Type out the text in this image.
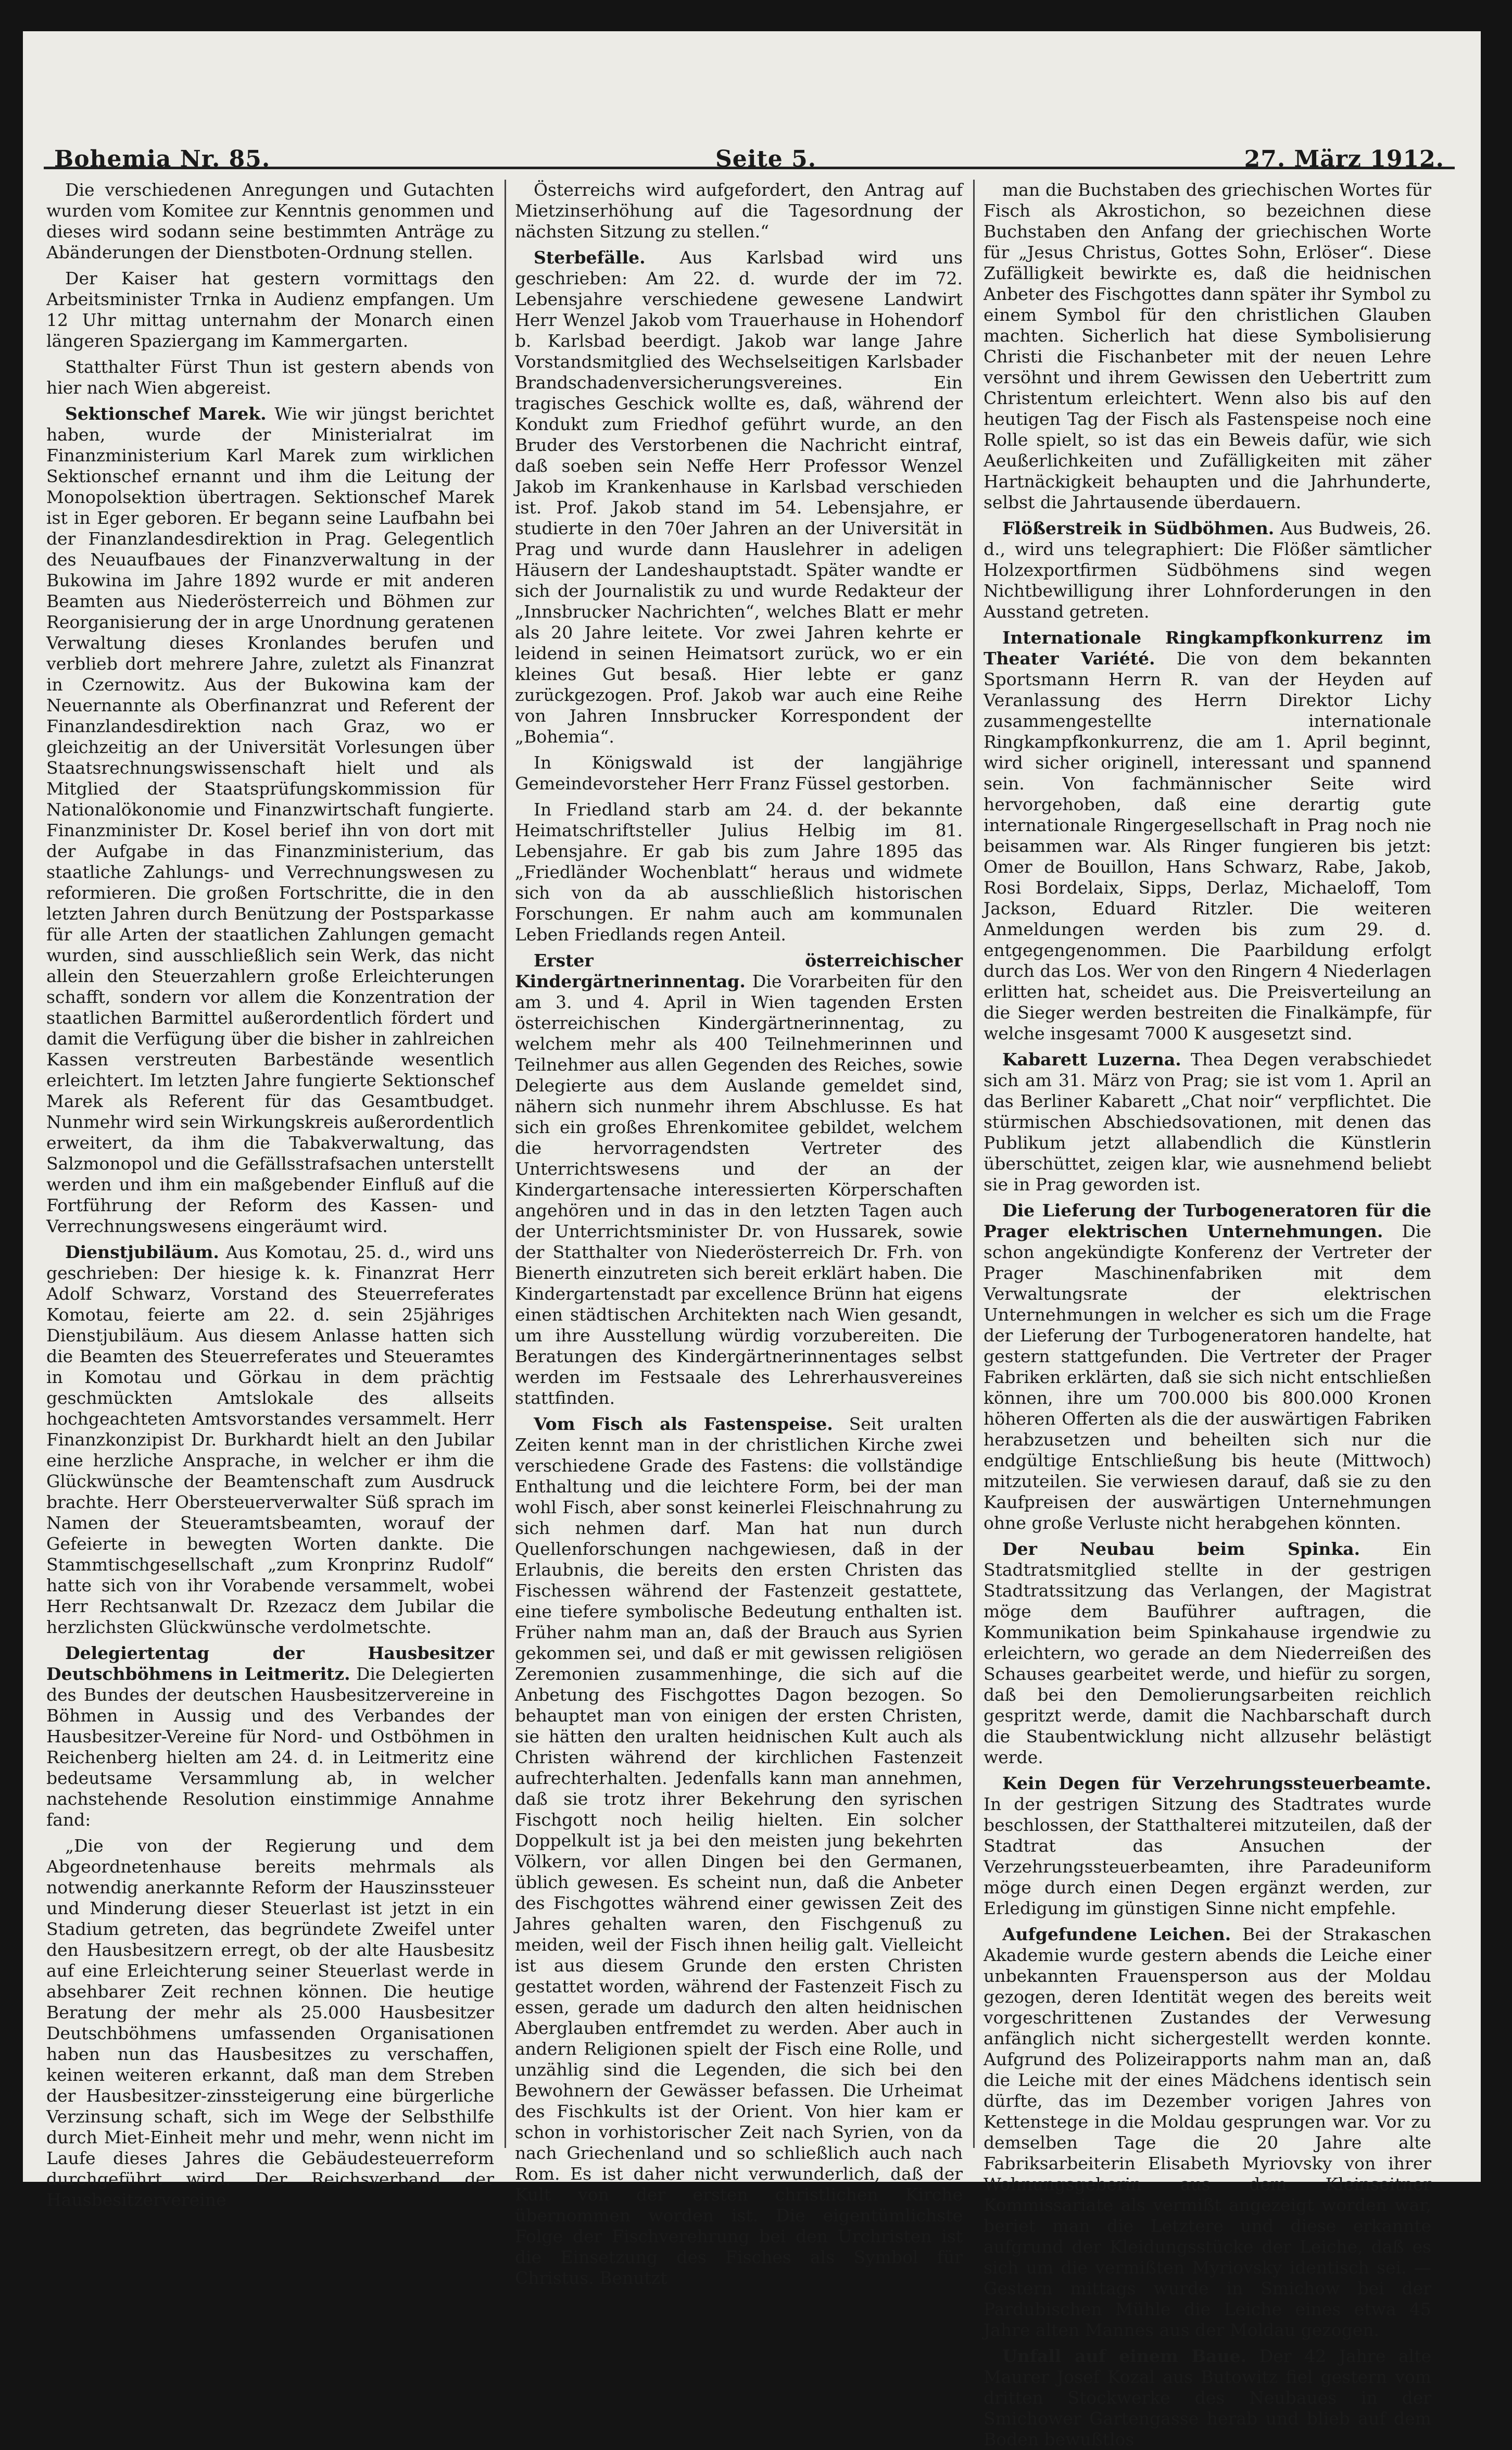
Bohemia Nr. 85.	Seite 5.	27. März 1912.

Die verschiedenen Anregungen und Gutachten wurden vom Komitee zur Kenntnis genommen und dieses wird sodann seine bestimmten Anträge zu Abänderungen der Dienstboten-Ordnung stellen.

Der Kaiser hat gestern vormittags den Arbeitsminister Trnka in Audienz empfangen. Um 12 Uhr mittag unternahm der Monarch einen längeren Spaziergang im Kammergarten.

Statthalter Fürst Thun ist gestern abends von hier nach Wien abgereist.

Sektionschef Marek. Wie wir jüngst berichtet haben, wurde der Ministerialrat im Finanzministerium Karl Marek zum wirklichen Sektionschef ernannt und ihm die Leitung der Monopolsektion übertragen. Sektionschef Marek ist in Eger geboren. Er begann seine Laufbahn bei der Finanzlandesdirektion in Prag. Gelegentlich des Neuaufbaues der Finanzverwaltung in der Bukowina im Jahre 1892 wurde er mit anderen Beamten aus Niederösterreich und Böhmen zur Reorganisierung der in arge Unordnung geratenen Verwaltung dieses Kronlandes berufen und verblieb dort mehrere Jahre, zuletzt als Finanzrat in Czernowitz. Aus der Bukowina kam der Neuernannte als Oberfinanzrat und Referent der Finanzlandesdirektion nach Graz, wo er gleichzeitig an der Universität Vorlesungen über Staatsrechnungswissenschaft hielt und als Mitglied der Staatsprüfungskommission für Nationalökonomie und Finanzwirtschaft fungierte. Finanzminister Dr. Kosel berief ihn von dort mit der Aufgabe in das Finanzministerium, das staatliche Zahlungs- und Verrechnungswesen zu reformieren. Die großen Fortschritte, die in den letzten Jahren durch Benützung der Postsparkasse für alle Arten der staatlichen Zahlungen gemacht wurden, sind ausschließlich sein Werk, das nicht allein den Steuerzahlern große Erleichterungen schafft, sondern vor allem die Konzentration der staatlichen Barmittel außerordentlich fördert und damit die Verfügung über die bisher in zahlreichen Kassen verstreuten Barbestände wesentlich erleichtert. Im letzten Jahre fungierte Sektionschef Marek als Referent für das Gesamtbudget. Nunmehr wird sein Wirkungskreis außerordentlich erweitert, da ihm die Tabakverwaltung, das Salzmonopol und die Gefällsstrafsachen unterstellt werden und ihm ein maßgebender Einfluß auf die Fortführung der Reform des Kassen- und Verrechnungswesens eingeräumt wird.

Dienstjubiläum. Aus Komotau, 25. d., wird uns geschrieben: Der hiesige k. k. Finanzrat Herr Adolf Schwarz, Vorstand des Steuerreferates Komotau, feierte am 22. d. sein 25jähriges Dienstjubiläum. Aus diesem Anlasse hatten sich die Beamten des Steuerreferates und Steueramtes in Komotau und Görkau in dem prächtig geschmückten Amtslokale des allseits hochgeachteten Amtsvorstandes versammelt. Herr Finanzkonzipist Dr. Burkhardt hielt an den Jubilar eine herzliche Ansprache, in welcher er ihm die Glückwünsche der Beamtenschaft zum Ausdruck brachte. Herr Obersteuerverwalter Süß sprach im Namen der Steueramtsbeamten, worauf der Gefeierte in bewegten Worten dankte. Die Stammtischgesellschaft „zum Kronprinz Rudolf“ hatte sich von ihr Vorabende versammelt, wobei Herr Rechtsanwalt Dr. Rzezacz dem Jubilar die herzlichsten Glückwünsche verdolmetschte.

Delegiertentag der Hausbesitzer Deutschböhmens in Leitmeritz. Die Delegierten des Bundes der deutschen Hausbesitzervereine in Böhmen in Aussig und des Verbandes der Hausbesitzer-Vereine für Nord- und Ostböhmen in Reichenberg hielten am 24. d. in Leitmeritz eine bedeutsame Versammlung ab, in welcher nachstehende Resolution einstimmige Annahme fand:

„Die von der Regierung und dem Abgeordnetenhause bereits mehrmals als notwendig anerkannte Reform der Hauszinssteuer und Minderung dieser Steuerlast ist jetzt in ein Stadium getreten, das begründete Zweifel unter den Hausbesitzern erregt, ob der alte Hausbesitz auf eine Erleichterung seiner Steuerlast werde in absehbarer Zeit rechnen können. Die heutige Beratung der mehr als 25.000 Hausbesitzer Deutschböhmens umfassenden Organisationen haben nun das Hausbesitzes zu verschaffen, keinen weiteren erkannt, daß man dem Streben der Hausbesitzer-zinssteigerung eine bürgerliche Verzinsung schaft, sich im Wege der Selbsthilfe durch Miet-Einheit mehr und mehr, wenn nicht im Laufe dieses Jahres die Gebäudesteuerreform durchgeführt wird. Der Reichsverband der Hausbesitzervereine

Österreichs wird aufgefordert, den Antrag auf Mietzinserhöhung auf die Tagesordnung der nächsten Sitzung zu stellen.“

Sterbefälle. Aus Karlsbad wird uns geschrieben: Am 22. d. wurde der im 72. Lebensjahre verschiedene gewesene Landwirt Herr Wenzel Jakob vom Trauerhause in Hohendorf b. Karlsbad beerdigt. Jakob war lange Jahre Vorstandsmitglied des Wechselseitigen Karlsbader Brandschadenversicherungsvereines. Ein tragisches Geschick wollte es, daß, während der Kondukt zum Friedhof geführt wurde, an den Bruder des Verstorbenen die Nachricht eintraf, daß soeben sein Neffe Herr Professor Wenzel Jakob im Krankenhause in Karlsbad verschieden ist. Prof. Jakob stand im 54. Lebensjahre, er studierte in den 70er Jahren an der Universität in Prag und wurde dann Hauslehrer in adeligen Häusern der Landeshauptstadt. Später wandte er sich der Journalistik zu und wurde Redakteur der „Innsbrucker Nachrichten“, welches Blatt er mehr als 20 Jahre leitete. Vor zwei Jahren kehrte er leidend in seinen Heimatsort zurück, wo er ein kleines Gut besaß. Hier lebte er ganz zurückgezogen. Prof. Jakob war auch eine Reihe von Jahren Innsbrucker Korrespondent der „Bohemia“.

In Königswald ist der langjährige Gemeindevorsteher Herr Franz Füssel gestorben.

In Friedland starb am 24. d. der bekannte Heimatschriftsteller Julius Helbig im 81. Lebensjahre. Er gab bis zum Jahre 1895 das „Friedländer Wochenblatt“ heraus und widmete sich von da ab ausschließlich historischen Forschungen. Er nahm auch am kommunalen Leben Friedlands regen Anteil.

Erster österreichischer Kindergärtnerinnentag. Die Vorarbeiten für den am 3. und 4. April in Wien tagenden Ersten österreichischen Kindergärtnerinnentag, zu welchem mehr als 400 Teilnehmerinnen und Teilnehmer aus allen Gegenden des Reiches, sowie Delegierte aus dem Auslande gemeldet sind, nähern sich nunmehr ihrem Abschlusse. Es hat sich ein großes Ehrenkomitee gebildet, welchem die hervorragendsten Vertreter des Unterrichtswesens und der an der Kindergartensache interessierten Körperschaften angehören und in das in den letzten Tagen auch der Unterrichtsminister Dr. von Hussarek, sowie der Statthalter von Niederösterreich Dr. Frh. von Bienerth einzutreten sich bereit erklärt haben. Die Kindergartenstadt par excellence Brünn hat eigens einen städtischen Architekten nach Wien gesandt, um ihre Ausstellung würdig vorzubereiten. Die Beratungen des Kindergärtnerinnentages selbst werden im Festsaale des Lehrerhausvereines stattfinden.

Vom Fisch als Fastenspeise. Seit uralten Zeiten kennt man in der christlichen Kirche zwei verschiedene Grade des Fastens: die vollständige Enthaltung und die leichtere Form, bei der man wohl Fisch, aber sonst keinerlei Fleischnahrung zu sich nehmen darf. Man hat nun durch Quellenforschungen nachgewiesen, daß in der Erlaubnis, die bereits den ersten Christen das Fischessen während der Fastenzeit gestattete, eine tiefere symbolische Bedeutung enthalten ist. Früher nahm man an, daß der Brauch aus Syrien gekommen sei, und daß er mit gewissen religiösen Zeremonien zusammenhinge, die sich auf die Anbetung des Fischgottes Dagon bezogen. So behauptet man von einigen der ersten Christen, sie hätten den uralten heidnischen Kult auch als Christen während der kirchlichen Fastenzeit aufrechterhalten. Jedenfalls kann man annehmen, daß sie trotz ihrer Bekehrung den syrischen Fischgott noch heilig hielten. Ein solcher Doppelkult ist ja bei den meisten jung bekehrten Völkern, vor allen Dingen bei den Germanen, üblich gewesen. Es scheint nun, daß die Anbeter des Fischgottes während einer gewissen Zeit des Jahres gehalten waren, den Fischgenuß zu meiden, weil der Fisch ihnen heilig galt. Vielleicht ist aus diesem Grunde den ersten Christen gestattet worden, während der Fastenzeit Fisch zu essen, gerade um dadurch den alten heidnischen Aberglauben entfremdet zu werden. Aber auch in andern Religionen spielt der Fisch eine Rolle, und unzählig sind die Legenden, die sich bei den Bewohnern der Gewässer befassen. Die Urheimat des Fischkults ist der Orient. Von hier kam er schon in vorhistorischer Zeit nach Syrien, von da nach Griechenland und so schließlich auch nach Rom. Es ist daher nicht verwunderlich, daß der Kult von der ersten christlichen Kirche übernommen worden ist. Die eigentümlichste Folge der Fischverehrung bei den Urchristen ist die Einsetzung des Fisches als Symbol für Christus. Benutzt

man die Buchstaben des griechischen Wortes für Fisch als Akrostichon, so bezeichnen diese Buchstaben den Anfang der griechischen Worte für „Jesus Christus, Gottes Sohn, Erlöser“. Diese Zufälligkeit bewirkte es, daß die heidnischen Anbeter des Fischgottes dann später ihr Symbol zu einem Symbol für den christlichen Glauben machten. Sicherlich hat diese Symbolisierung Christi die Fischanbeter mit der neuen Lehre versöhnt und ihrem Gewissen den Uebertritt zum Christentum erleichtert. Wenn also bis auf den heutigen Tag der Fisch als Fastenspeise noch eine Rolle spielt, so ist das ein Beweis dafür, wie sich Aeußerlichkeiten und Zufälligkeiten mit zäher Hartnäckigkeit behaupten und die Jahrhunderte, selbst die Jahrtausende überdauern.

Flößerstreik in Südböhmen. Aus Budweis, 26. d., wird uns telegraphiert: Die Flößer sämtlicher Holzexportfirmen Südböhmens sind wegen Nichtbewilligung ihrer Lohnforderungen in den Ausstand getreten.

Internationale Ringkampfkonkurrenz im Theater Variété. Die von dem bekannten Sportsmann Herrn R. van der Heyden auf Veranlassung des Herrn Direktor Lichy zusammengestellte internationale Ringkampfkonkurrenz, die am 1. April beginnt, wird sicher originell, interessant und spannend sein. Von fachmännischer Seite wird hervorgehoben, daß eine derartig gute internationale Ringergesellschaft in Prag noch nie beisammen war. Als Ringer fungieren bis jetzt: Omer de Bouillon, Hans Schwarz, Rabe, Jakob, Rosi Bordelaix, Sipps, Derlaz, Michaeloff, Tom Jackson, Eduard Ritzler. Die weiteren Anmeldungen werden bis zum 29. d. entgegengenommen. Die Paarbildung erfolgt durch das Los. Wer von den Ringern 4 Niederlagen erlitten hat, scheidet aus. Die Preisverteilung an die Sieger werden bestreiten die Finalkämpfe, für welche insgesamt 7000 K ausgesetzt sind.

Kabarett Luzerna. Thea Degen verabschiedet sich am 31. März von Prag; sie ist vom 1. April an das Berliner Kabarett „Chat noir“ verpflichtet. Die stürmischen Abschiedsovationen, mit denen das Publikum jetzt allabendlich die Künstlerin überschüttet, zeigen klar, wie ausnehmend beliebt sie in Prag geworden ist.

Die Lieferung der Turbogeneratoren für die Prager elektrischen Unternehmungen. Die schon angekündigte Konferenz der Vertreter der Prager Maschinenfabriken mit dem Verwaltungsrate der elektrischen Unternehmungen in welcher es sich um die Frage der Lieferung der Turbogeneratoren handelte, hat gestern stattgefunden. Die Vertreter der Prager Fabriken erklärten, daß sie sich nicht entschließen können, ihre um 700.000 bis 800.000 Kronen höheren Offerten als die der auswärtigen Fabriken herabzusetzen und beheilten sich nur die endgültige Entschließung bis heute (Mittwoch) mitzuteilen. Sie verwiesen darauf, daß sie zu den Kaufpreisen der auswärtigen Unternehmungen ohne große Verluste nicht herabgehen könnten.

Der Neubau beim Spinka. Ein Stadtratsmitglied stellte in der gestrigen Stadtratssitzung das Verlangen, der Magistrat möge dem Bauführer auftragen, die Kommunikation beim Spinkahause irgendwie zu erleichtern, wo gerade an dem Niederreißen des Schauses gearbeitet werde, und hiefür zu sorgen, daß bei den Demolierungsarbeiten reichlich gespritzt werde, damit die Nachbarschaft durch die Staubentwicklung nicht allzusehr belästigt werde.

Kein Degen für Verzehrungssteuerbeamte. In der gestrigen Sitzung des Stadtrates wurde beschlossen, der Statthalterei mitzuteilen, daß der Stadtrat das Ansuchen der Verzehrungssteuerbeamten, ihre Paradeuniform möge durch einen Degen ergänzt werden, zur Erledigung im günstigen Sinne nicht empfehle.

Aufgefundene Leichen. Bei der Strakaschen Akademie wurde gestern abends die Leiche einer unbekannten Frauensperson aus der Moldau gezogen, deren Identität wegen des bereits weit vorgeschrittenen Zustandes der Verwesung anfänglich nicht sichergestellt werden konnte. Aufgrund des Polizeirapports nahm man an, daß die Leiche mit der eines Mädchens identisch sein dürfte, das im Dezember vorigen Jahres von Kettenstege in die Moldau gesprungen war. Vor zu demselben Tage die 20 Jahre alte Fabriksarbeiterin Elisabeth Myriovsky von ihrer Wohnungsgeberin aus dem Kleinseitner Kommissariate als vermißt angezeigt worden war, beriet man die Letztere und diese erkannte aufgrund der Kleidungsstücke der Leiche, daß es sich um die vermißten Myriovsky identisch sei. — Gestern mittags wurde in Smichow bei der Pardubischen Mühle die Leiche eines etwa 45 Jahre alten Mannes aus der Moldau gezogen.

Unfall auf einem Baue. Der 42 Jahre alte Maurer Josef Kozal aus Butowitz fiel gestern vom dritten Stockwerke des Neubaues in der Smichower Gartengasse herab und blieb auf dem Boden bewußtlos
